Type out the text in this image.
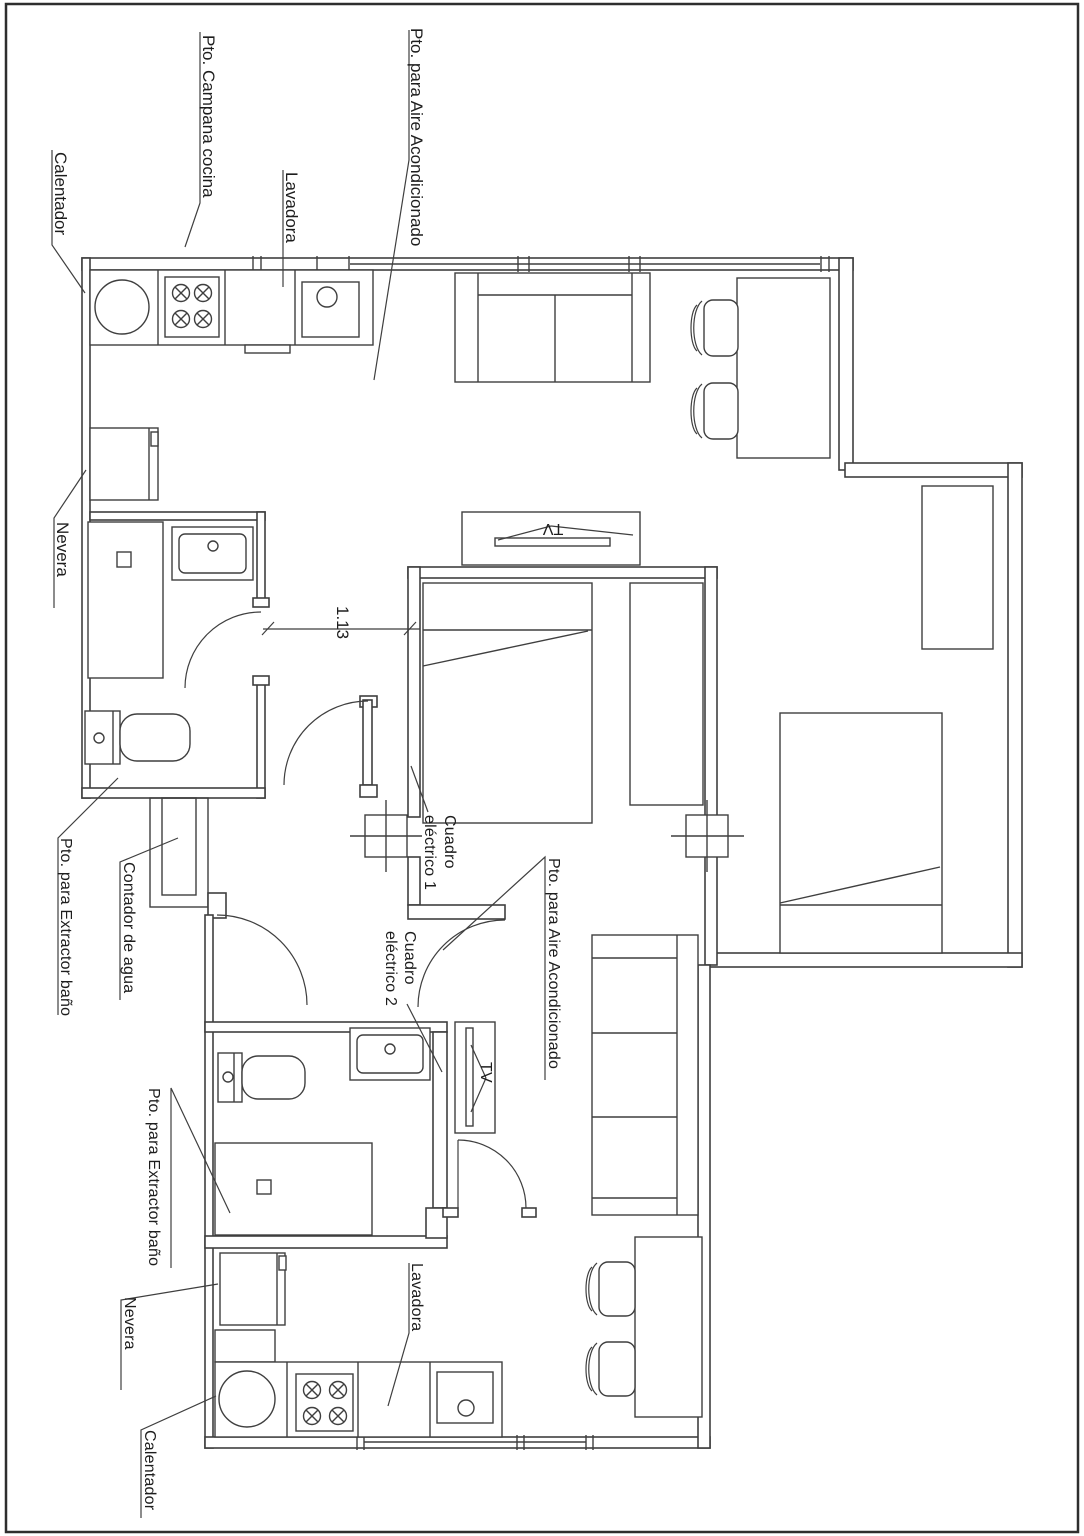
1.13
Calentador	Pto. Campana cocina
Lavadora	Pto. para Aire Acondicionado
Nevera
Pto. para Extractor baño	Contador de agua
Cuadro
eléctrico 1
Cuadro
eléctrico 2	Pto. para Aire Acondicionado
Pto. para Extractor baño
Nevera	Lavadora
Calentador
TV
TV
